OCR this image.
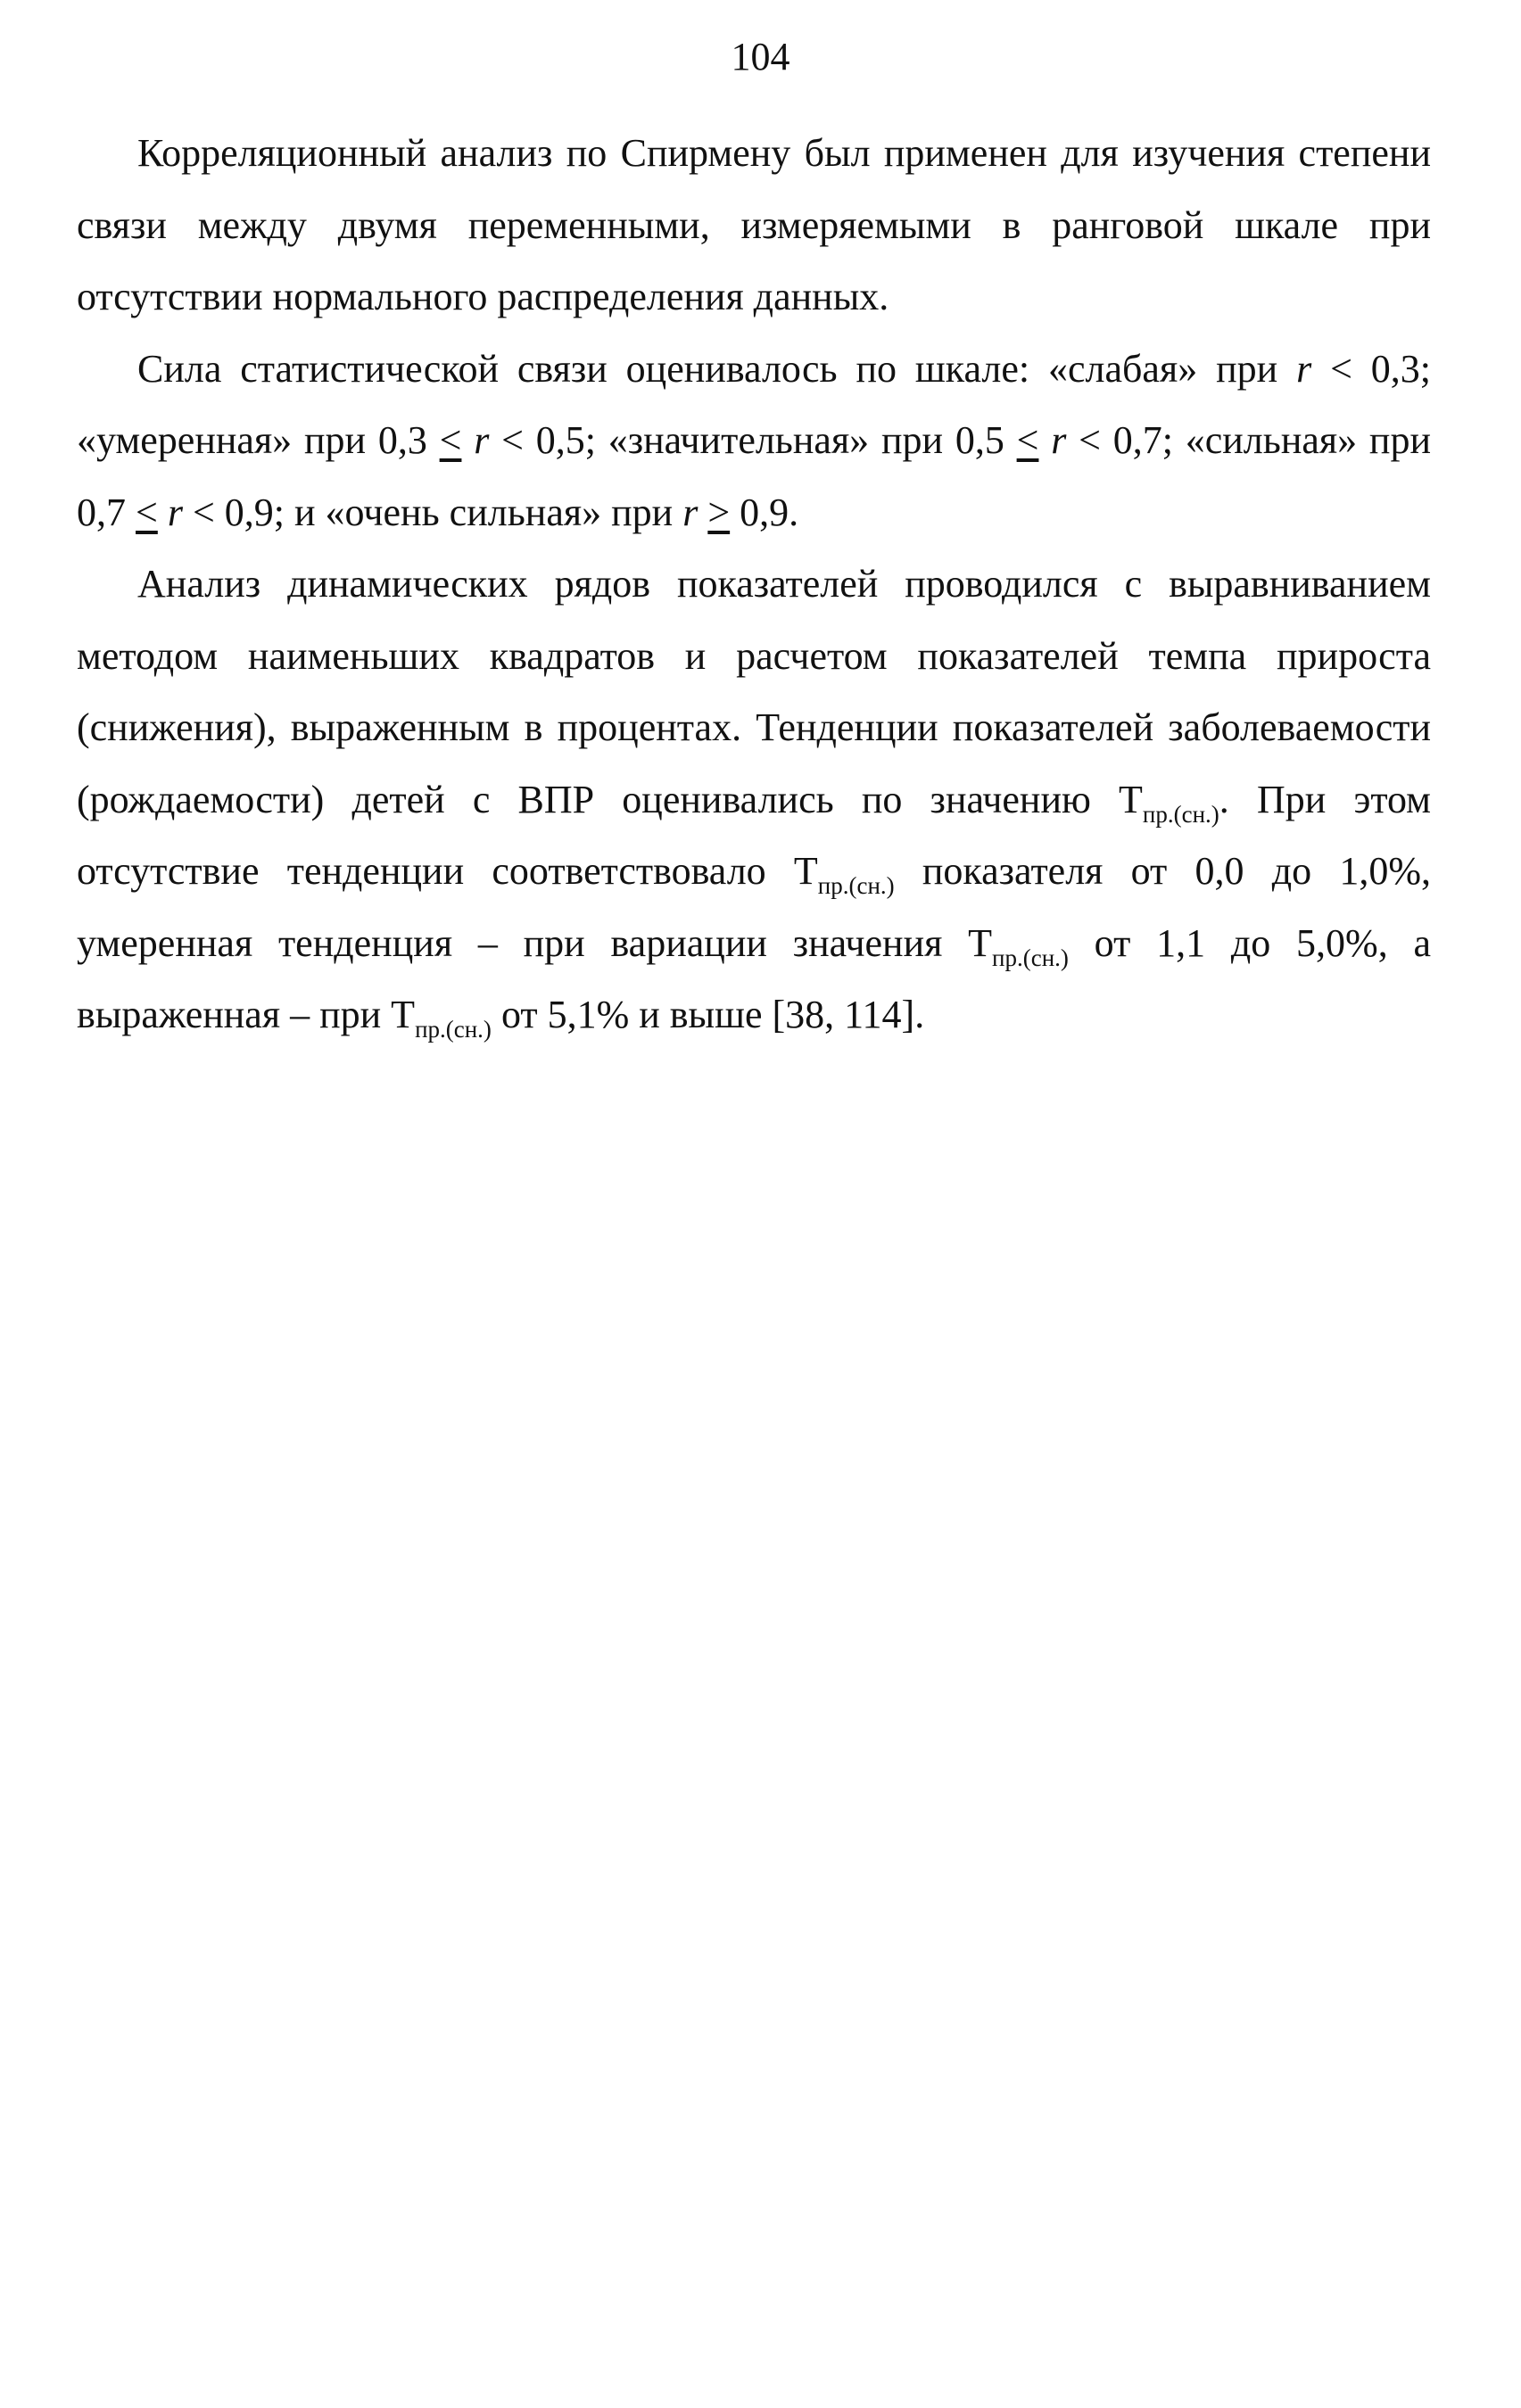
104

Корреляционный анализ по Спирмену был применен для изучения степени связи между двумя переменными, измеряемыми в ранговой шкале при отсутствии нормального распределения данных.

Сила статистической связи оценивалось по шкале: «слабая» при r < 0,3; «умеренная» при 0,3 ≤ r < 0,5; «значительная» при 0,5 ≤ r < 0,7; «сильная» при 0,7 ≤ r < 0,9; и «очень сильная» при r ≥ 0,9.

Анализ динамических рядов показателей проводился с выравниванием методом наименьших квадратов и расчетом показателей темпа прироста (снижения), выраженным в процентах. Тенденции показателей заболеваемости (рождаемости) детей с ВПР оценивались по значению $Т_{пр.(сн.)}$. При этом отсутствие тенденции соответствовало $Т_{пр.(сн.)}$ показателя от 0,0 до 1,0%, умеренная тенденция – при вариации значения $Т_{пр.(сн.)}$ от 1,1 до 5,0%, а выраженная – при $Т_{пр.(сн.)}$ от 5,1% и выше [38, 114].
